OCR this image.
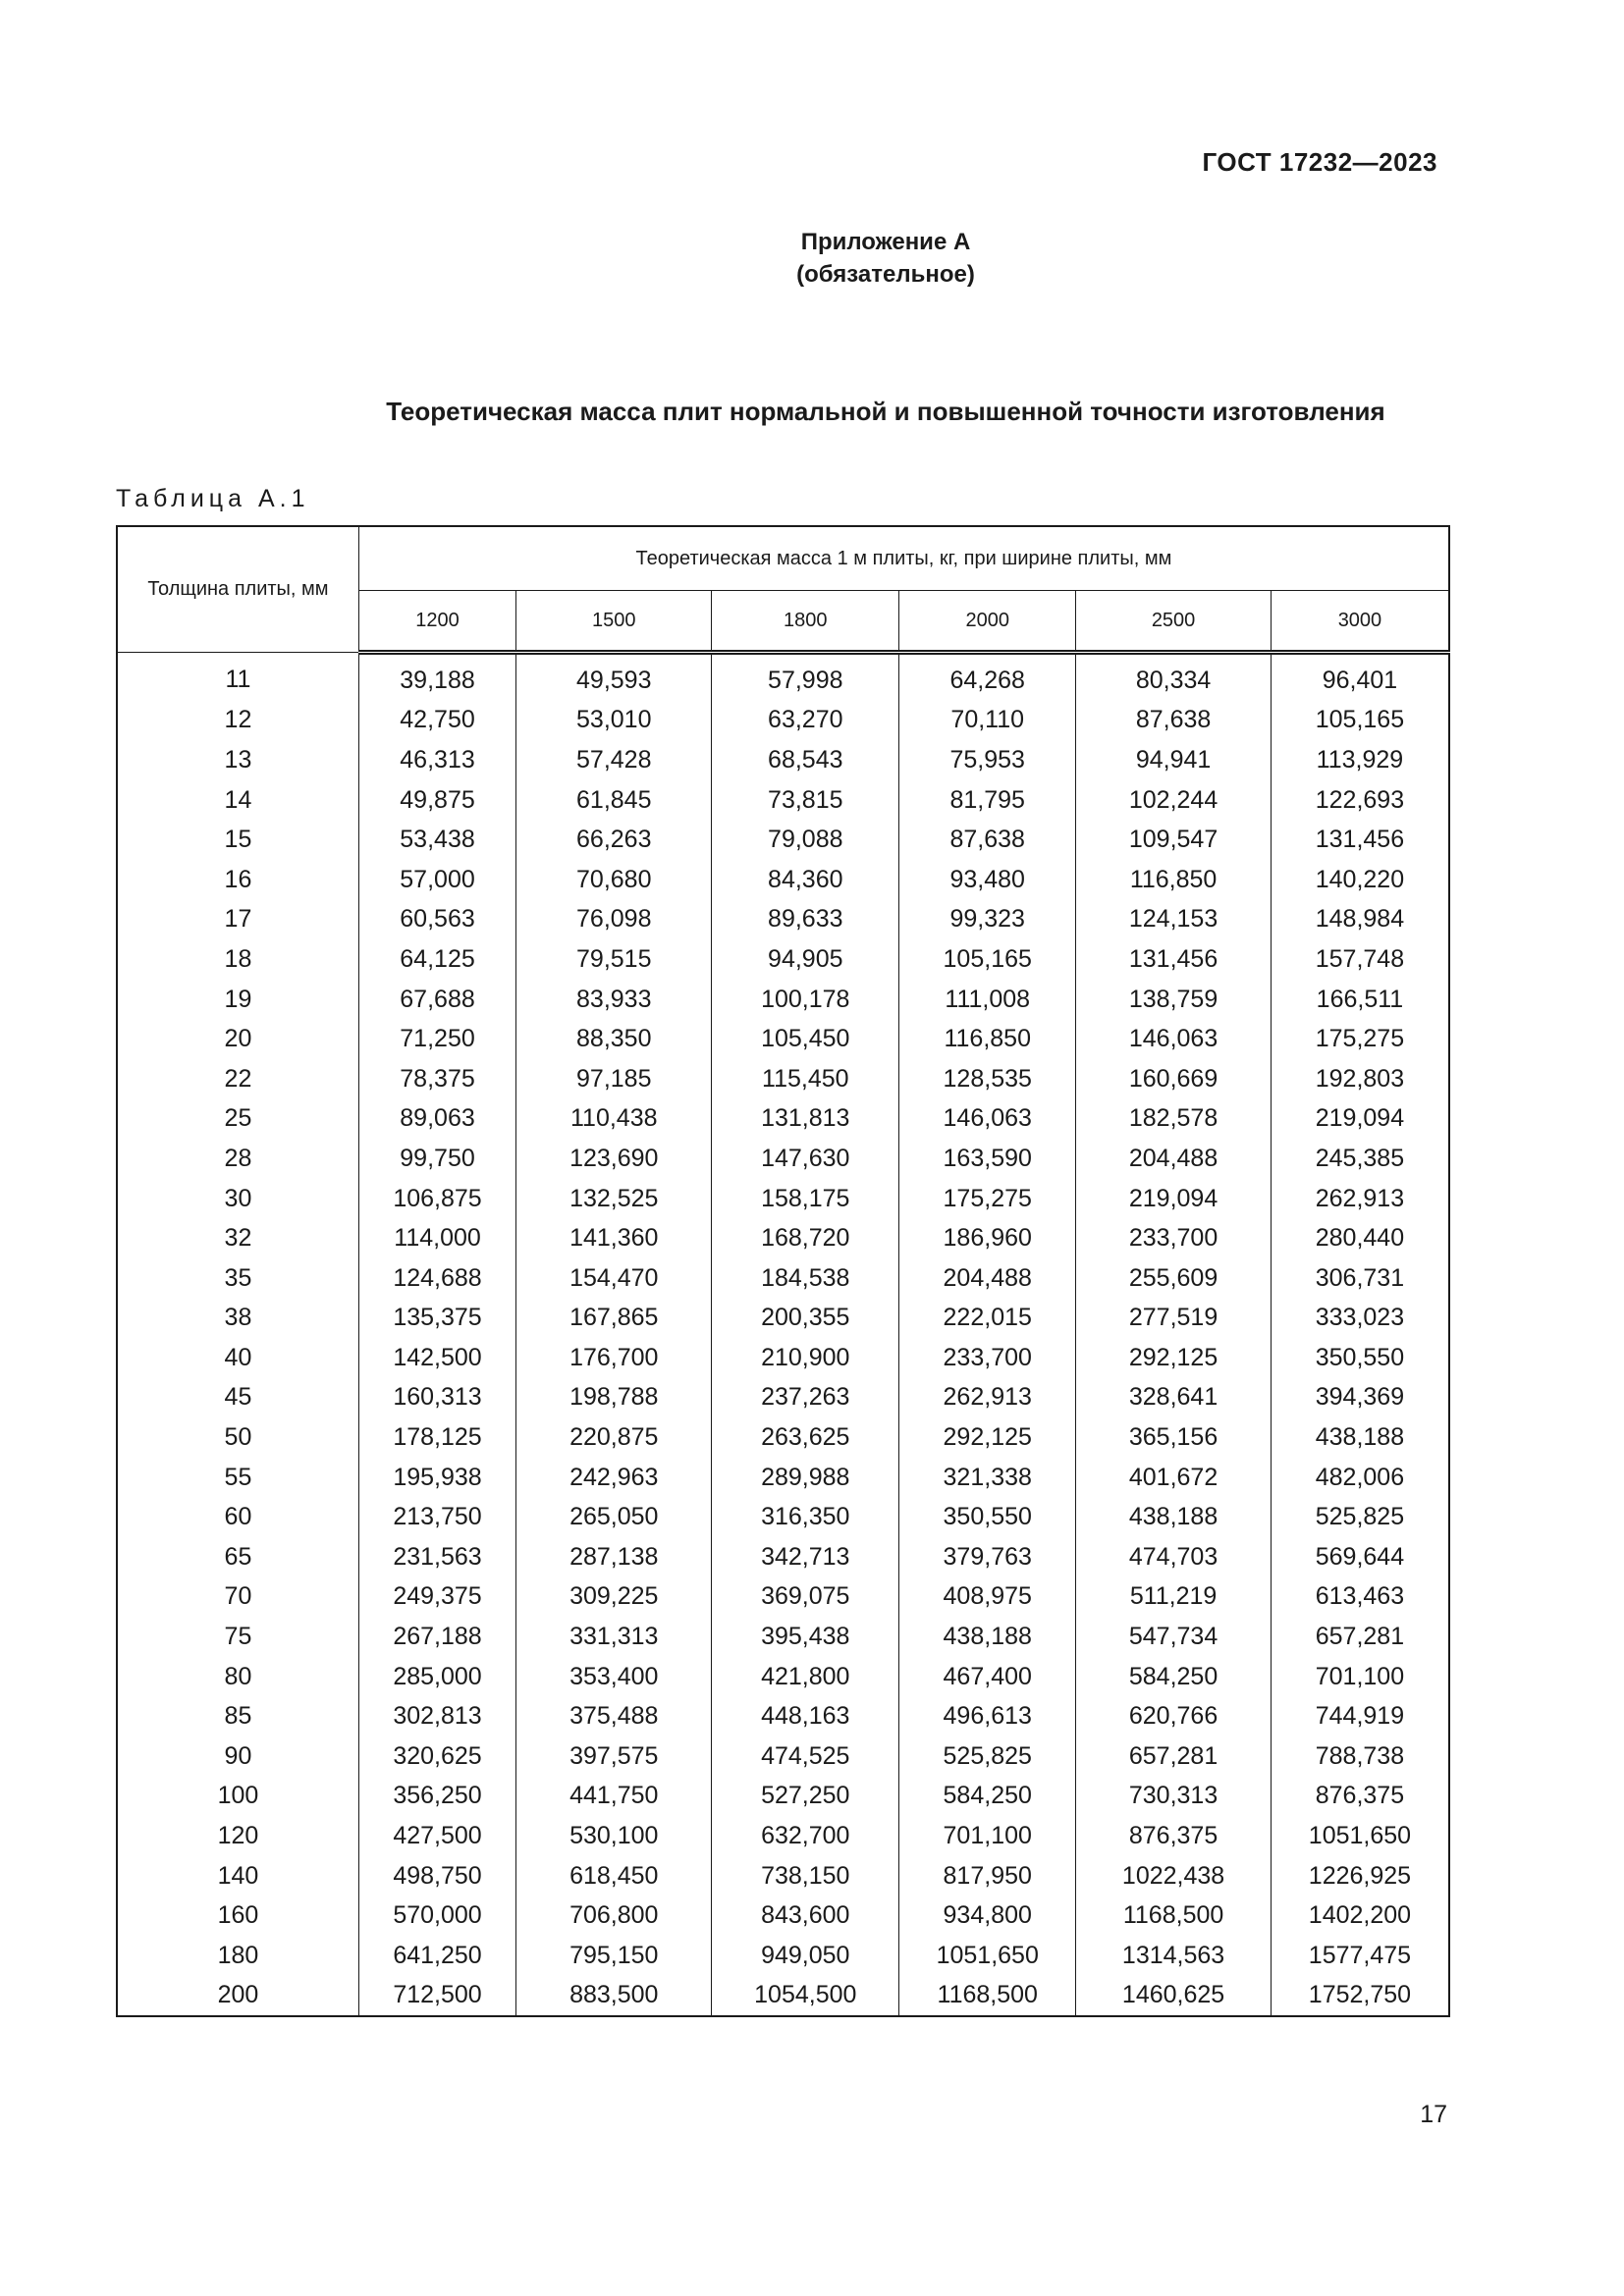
ГОСТ 17232—2023
Приложение А
(обязательное)
Теоретическая масса плит нормальной и повышенной точности изготовления
Таблица А.1
Толщина плиты, мм	Теоретическая масса 1 м плиты, кг, при ширине плиты, мм					
	1200	1500	1800	2000	2500	3000
11	39,188	49,593	57,998	64,268	80,334	96,401
12	42,750	53,010	63,270	70,110	87,638	105,165
13	46,313	57,428	68,543	75,953	94,941	113,929
14	49,875	61,845	73,815	81,795	102,244	122,693
15	53,438	66,263	79,088	87,638	109,547	131,456
16	57,000	70,680	84,360	93,480	116,850	140,220
17	60,563	76,098	89,633	99,323	124,153	148,984
18	64,125	79,515	94,905	105,165	131,456	157,748
19	67,688	83,933	100,178	111,008	138,759	166,511
20	71,250	88,350	105,450	116,850	146,063	175,275
22	78,375	97,185	115,450	128,535	160,669	192,803
25	89,063	110,438	131,813	146,063	182,578	219,094
28	99,750	123,690	147,630	163,590	204,488	245,385
30	106,875	132,525	158,175	175,275	219,094	262,913
32	114,000	141,360	168,720	186,960	233,700	280,440
35	124,688	154,470	184,538	204,488	255,609	306,731
38	135,375	167,865	200,355	222,015	277,519	333,023
40	142,500	176,700	210,900	233,700	292,125	350,550
45	160,313	198,788	237,263	262,913	328,641	394,369
50	178,125	220,875	263,625	292,125	365,156	438,188
55	195,938	242,963	289,988	321,338	401,672	482,006
60	213,750	265,050	316,350	350,550	438,188	525,825
65	231,563	287,138	342,713	379,763	474,703	569,644
70	249,375	309,225	369,075	408,975	511,219	613,463
75	267,188	331,313	395,438	438,188	547,734	657,281
80	285,000	353,400	421,800	467,400	584,250	701,100
85	302,813	375,488	448,163	496,613	620,766	744,919
90	320,625	397,575	474,525	525,825	657,281	788,738
100	356,250	441,750	527,250	584,250	730,313	876,375
120	427,500	530,100	632,700	701,100	876,375	1051,650
140	498,750	618,450	738,150	817,950	1022,438	1226,925
160	570,000	706,800	843,600	934,800	1168,500	1402,200
180	641,250	795,150	949,050	1051,650	1314,563	1577,475
200	712,500	883,500	1054,500	1168,500	1460,625	1752,750
17
